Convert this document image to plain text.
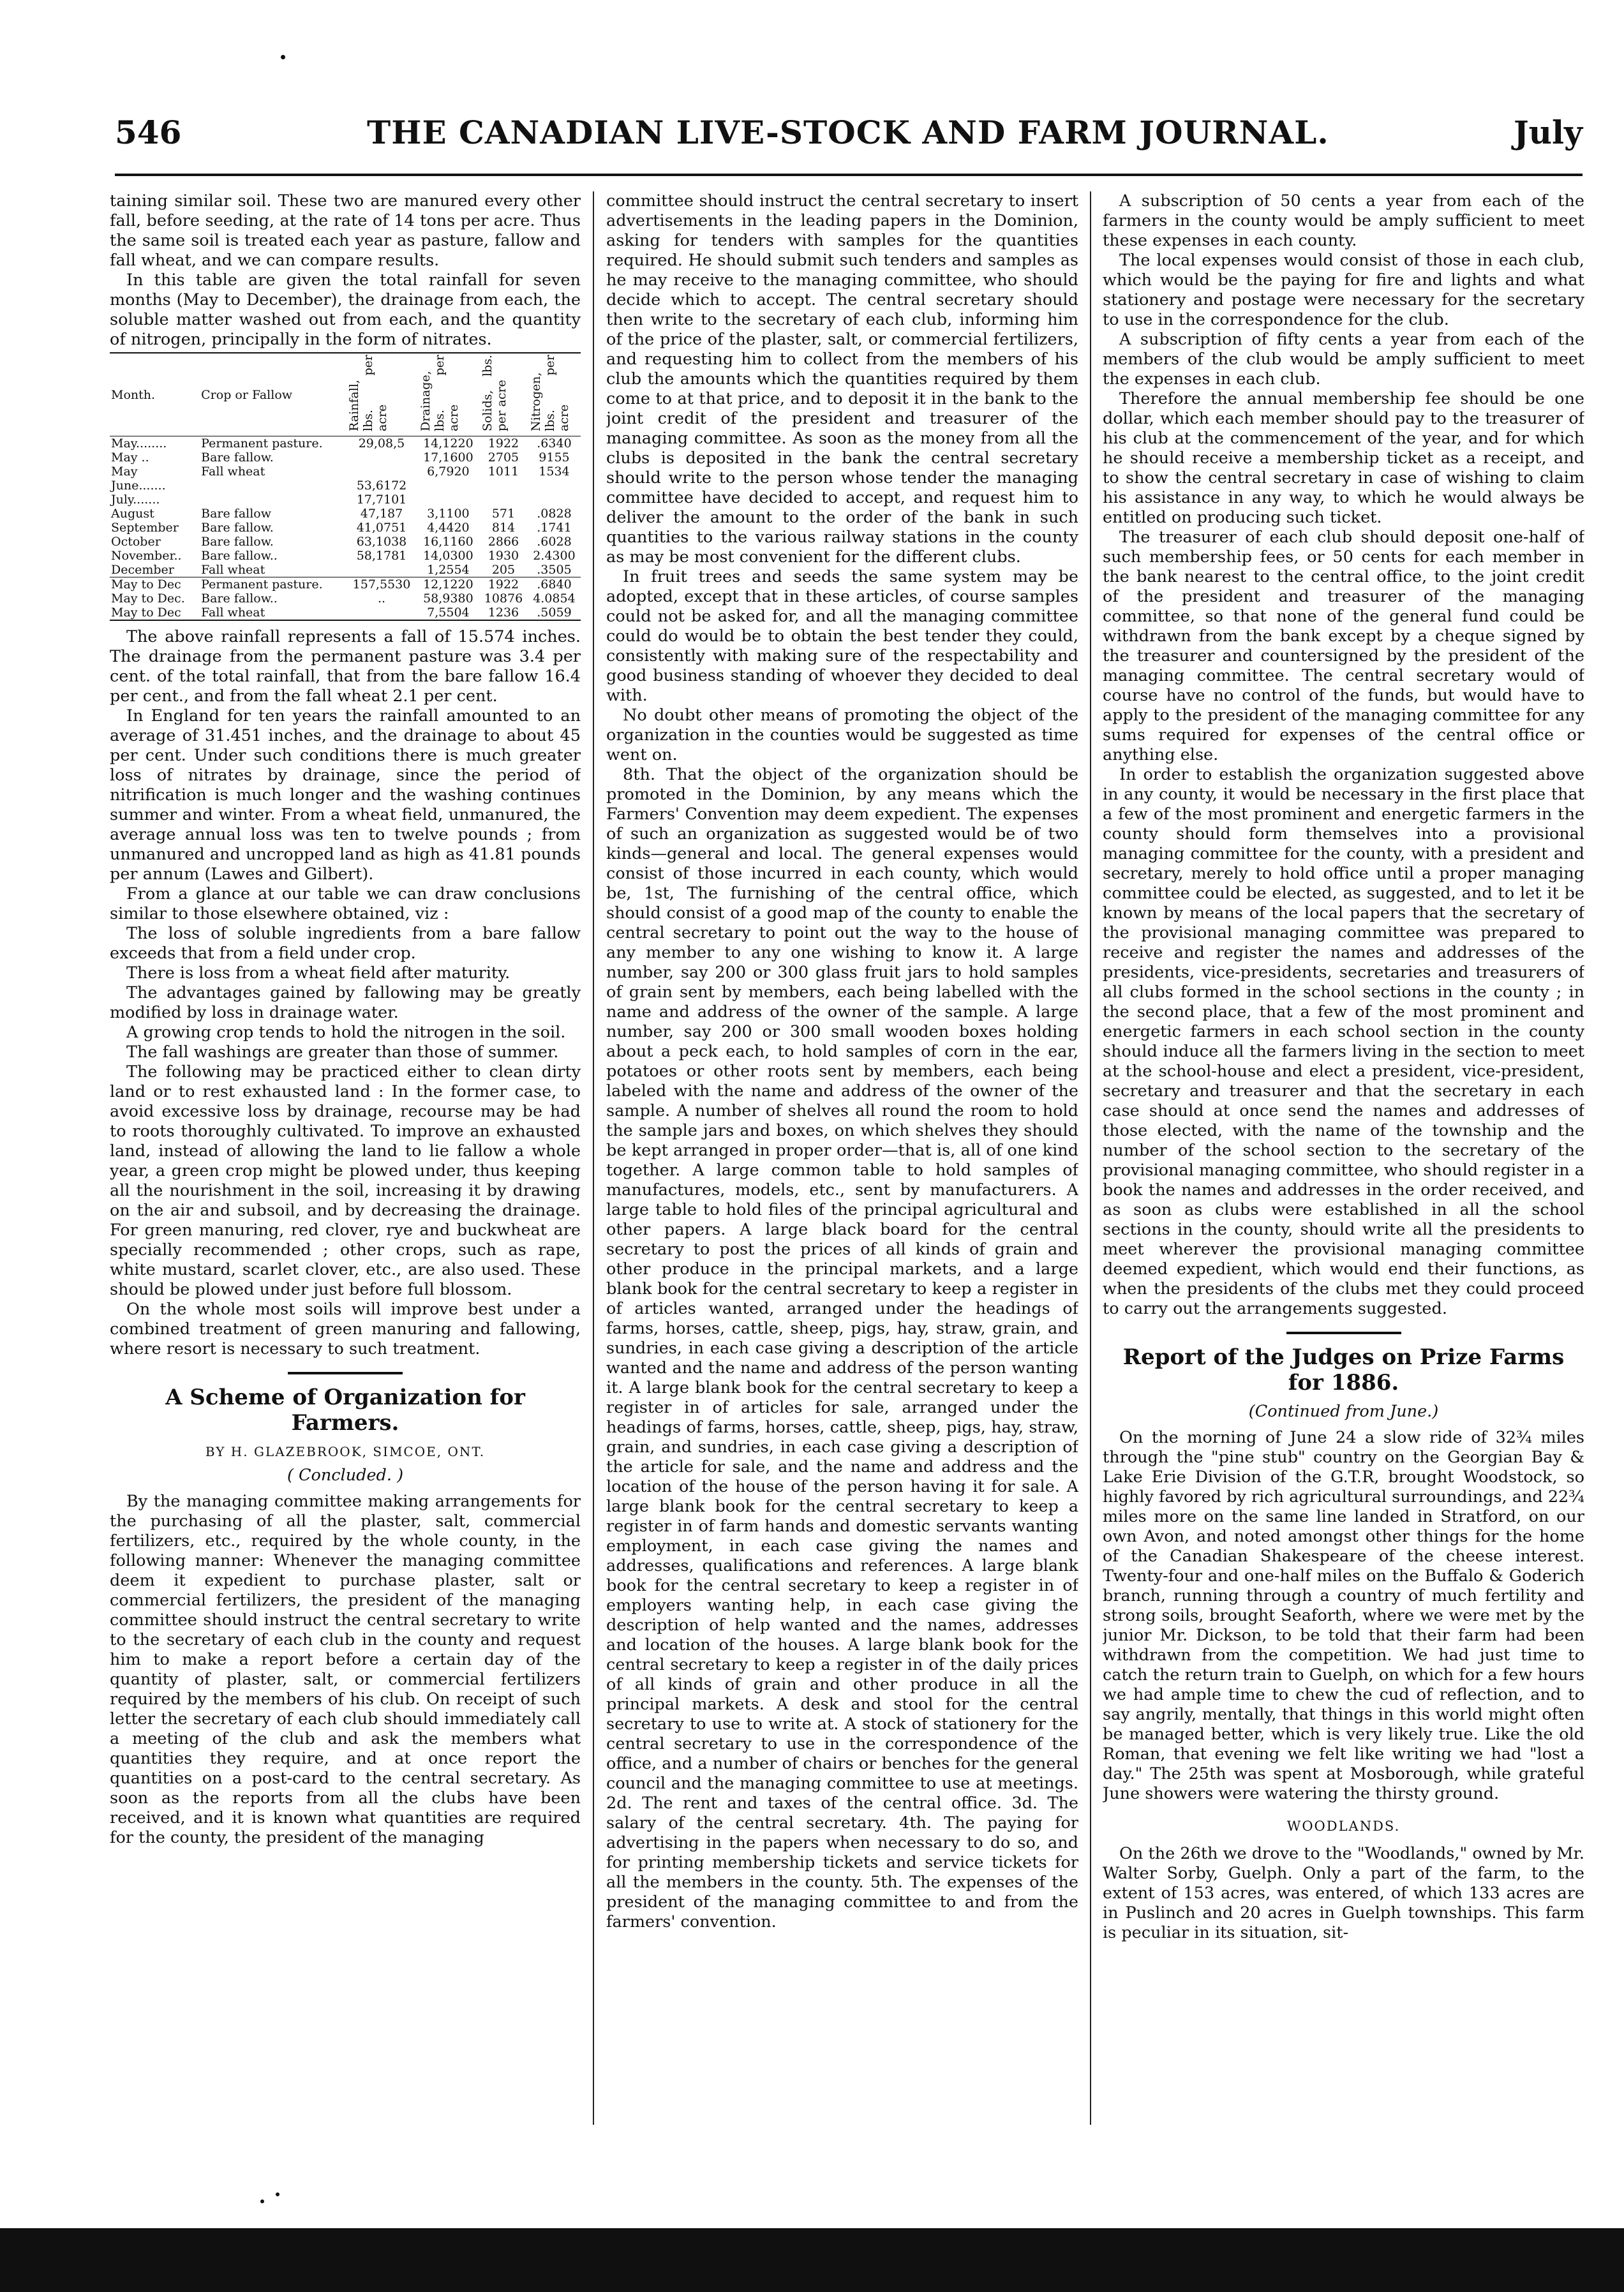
546	THE CANADIAN LIVE-STOCK AND FARM JOURNAL.	July

taining similar soil. These two are manured every other fall, before seeding, at the rate of 14 tons per acre. Thus the same soil is treated each year as pasture, fallow and fall wheat, and we can compare results.

In this table are given the total rainfall for seven months (May to December), the drainage from each, the soluble matter washed out from each, and the quantity of nitrogen, principally in the form of nitrates.

Month.	Crop or Fallow	Rainfall, lbs. per acre	Drainage, lbs. per acre	Solids, lbs. per acre	Nitrogen, lbs. per acre
May........	Permanent pasture.	29,08,5	14,1220	1922	.6340
May ..	Bare fallow.		17,1600	2705	9155
May	Fall wheat		6,7920	1011	1534
June.......		53,6172			
July.......		17,7101			
August	Bare fallow	47,187	3,1100	571	.0828
September	Bare fallow.	41,0751	4,4420	814	.1741
October	Bare fallow.	63,1038	16,1160	2866	.6028
November..	Bare fallow..	58,1781	14,0300	1930	2.4300
December	Fall wheat		1,2554	205	.3505
May to Dec	Permanent pasture.	157,5530	12,1220	1922	.6840
May to Dec.	Bare fallow..	..	58,9380	10876	4.0854
May to Dec	Fall wheat		7,5504	1236	.5059

The above rainfall represents a fall of 15.574 inches. The drainage from the permanent pasture was 3.4 per cent. of the total rainfall, that from the bare fallow 16.4 per cent., and from the fall wheat 2.1 per cent.

In England for ten years the rainfall amounted to an average of 31.451 inches, and the drainage to about 45 per cent. Under such conditions there is much greater loss of nitrates by drainage, since the period of nitrification is much longer and the washing continues summer and winter. From a wheat field, unmanured, the average annual loss was ten to twelve pounds ; from unmanured and uncropped land as high as 41.81 pounds per annum (Lawes and Gilbert).

From a glance at our table we can draw conclusions similar to those elsewhere obtained, viz :

The loss of soluble ingredients from a bare fallow exceeds that from a field under crop.

There is loss from a wheat field after maturity.

The advantages gained by fallowing may be greatly modified by loss in drainage water.

A growing crop tends to hold the nitrogen in the soil.

The fall washings are greater than those of summer.

The following may be practiced either to clean dirty land or to rest exhausted land : In the former case, to avoid excessive loss by drainage, recourse may be had to roots thoroughly cultivated. To improve an exhausted land, instead of allowing the land to lie fallow a whole year, a green crop might be plowed under, thus keeping all the nourishment in the soil, increasing it by drawing on the air and subsoil, and by decreasing the drainage. For green manuring, red clover, rye and buckwheat are specially recommended ; other crops, such as rape, white mustard, scarlet clover, etc., are also used. These should be plowed under just before full blossom.

On the whole most soils will improve best under a combined treatment of green manuring and fallowing, where resort is necessary to such treatment.

A Scheme of Organization for Farmers.

BY H. GLAZEBROOK, SIMCOE, ONT.

( Concluded. )

By the managing committee making arrangements for the purchasing of all the plaster, salt, commercial fertilizers, etc., required by the whole county, in the following manner: Whenever the managing committee deem it expedient to purchase plaster, salt or commercial fertilizers, the president of the managing committee should instruct the central secretary to write to the secretary of each club in the county and request him to make a report before a certain day of the quantity of plaster, salt, or commercial fertilizers required by the members of his club. On receipt of such letter the secretary of each club should immediately call a meeting of the club and ask the members what quantities they require, and at once report the quantities on a post-card to the central secretary. As soon as the reports from all the clubs have been received, and it is known what quantities are required for the county, the president of the managing

committee should instruct the central secretary to insert advertisements in the leading papers in the Dominion, asking for tenders with samples for the quantities required. He should submit such tenders and samples as he may receive to the managing committee, who should decide which to accept. The central secretary should then write to the secretary of each club, informing him of the price of the plaster, salt, or commercial fertilizers, and requesting him to collect from the members of his club the amounts which the quantities required by them come to at that price, and to deposit it in the bank to the joint credit of the president and treasurer of the managing committee. As soon as the money from all the clubs is deposited in the bank the central secretary should write to the person whose tender the managing committee have decided to accept, and request him to deliver the amount to the order of the bank in such quantities to the various railway stations in the county as may be most convenient for the different clubs.

In fruit trees and seeds the same system may be adopted, except that in these articles, of course samples could not be asked for, and all the managing committee could do would be to obtain the best tender they could, consistently with making sure of the respectability and good business standing of whoever they decided to deal with.

No doubt other means of promoting the object of the organization in the counties would be suggested as time went on.

8th. That the object of the organization should be promoted in the Dominion, by any means which the Farmers' Convention may deem expedient. The expenses of such an organization as suggested would be of two kinds—general and local. The general expenses would consist of those incurred in each county, which would be, 1st, The furnishing of the central office, which should consist of a good map of the county to enable the central secretary to point out the way to the house of any member to any one wishing to know it. A large number, say 200 or 300 glass fruit jars to hold samples of grain sent by members, each being labelled with the name and address of the owner of the sample. A large number, say 200 or 300 small wooden boxes holding about a peck each, to hold samples of corn in the ear, potatoes or other roots sent by members, each being labeled with the name and address of the owner of the sample. A number of shelves all round the room to hold the sample jars and boxes, on which shelves they should be kept arranged in proper order—that is, all of one kind together. A large common table to hold samples of manufactures, models, etc., sent by manufacturers. A large table to hold files of the principal agricultural and other papers. A large black board for the central secretary to post the prices of all kinds of grain and other produce in the principal markets, and a large blank book for the central secretary to keep a register in of articles wanted, arranged under the headings of farms, horses, cattle, sheep, pigs, hay, straw, grain, and sundries, in each case giving a description of the article wanted and the name and address of the person wanting it. A large blank book for the central secretary to keep a register in of articles for sale, arranged under the headings of farms, horses, cattle, sheep, pigs, hay, straw, grain, and sundries, in each case giving a description of the article for sale, and the name and address and the location of the house of the person having it for sale. A large blank book for the central secretary to keep a register in of farm hands and domestic servants wanting employment, in each case giving the names and addresses, qualifications and references. A large blank book for the central secretary to keep a register in of employers wanting help, in each case giving the description of help wanted and the names, addresses and location of the houses. A large blank book for the central secretary to keep a register in of the daily prices of all kinds of grain and other produce in all the principal markets. A desk and stool for the central secretary to use to write at. A stock of stationery for the central secretary to use in the correspondence of the office, and a number of chairs or benches for the general council and the managing committee to use at meetings. 2d. The rent and taxes of the central office. 3d. The salary of the central secretary. 4th. The paying for advertising in the papers when necessary to do so, and for printing membership tickets and service tickets for all the members in the county. 5th. The expenses of the president of the managing committee to and from the farmers' convention.

A subscription of 50 cents a year from each of the farmers in the county would be amply sufficient to meet these expenses in each county.

The local expenses would consist of those in each club, which would be the paying for fire and lights and what stationery and postage were necessary for the secretary to use in the correspondence for the club.

A subscription of fifty cents a year from each of the members of the club would be amply sufficient to meet the expenses in each club.

Therefore the annual membership fee should be one dollar, which each member should pay to the treasurer of his club at the commencement of the year, and for which he should receive a membership ticket as a receipt, and to show the central secretary in case of wishing to claim his assistance in any way, to which he would always be entitled on producing such ticket.

The treasurer of each club should deposit one-half of such membership fees, or 50 cents for each member in the bank nearest to the central office, to the joint credit of the president and treasurer of the managing committee, so that none of the general fund could be withdrawn from the bank except by a cheque signed by the treasurer and countersigned by the president of the managing committee. The central secretary would of course have no control of the funds, but would have to apply to the president of the managing committee for any sums required for expenses of the central office or anything else.

In order to establish the organization suggested above in any county, it would be necessary in the first place that a few of the most prominent and energetic farmers in the county should form themselves into a provisional managing committee for the county, with a president and secretary, merely to hold office until a proper managing committee could be elected, as suggested, and to let it be known by means of the local papers that the secretary of the provisional managing committee was prepared to receive and register the names and addresses of the presidents, vice-presidents, secretaries and treasurers of all clubs formed in the school sections in the county ; in the second place, that a few of the most prominent and energetic farmers in each school section in the county should induce all the farmers living in the section to meet at the school-house and elect a president, vice-president, secretary and treasurer and that the secretary in each case should at once send the names and addresses of those elected, with the name of the township and the number of the school section to the secretary of the provisional managing committee, who should register in a book the names and addresses in the order received, and as soon as clubs were established in all the school sections in the county, should write all the presidents to meet wherever the provisional managing committee deemed expedient, which would end their functions, as when the presidents of the clubs met they could proceed to carry out the arrangements suggested.

Report of the Judges on Prize Farms for 1886.

(Continued from June.)

On the morning of June 24 a slow ride of 32¾ miles through the "pine stub" country on the Georgian Bay & Lake Erie Division of the G.T.R, brought Woodstock, so highly favored by rich agricultural surroundings, and 22¾ miles more on the same line landed in Stratford, on our own Avon, and noted amongst other things for the home of the Canadian Shakespeare of the cheese interest. Twenty-four and one-half miles on the Buffalo & Goderich branch, running through a country of much fertility and strong soils, brought Seaforth, where we were met by the junior Mr. Dickson, to be told that their farm had been withdrawn from the competition. We had just time to catch the return train to Guelph, on which for a few hours we had ample time to chew the cud of reflection, and to say angrily, mentally, that things in this world might often be managed better, which is very likely true. Like the old Roman, that evening we felt like writing we had "lost a day." The 25th was spent at Mosborough, while grateful June showers were watering the thirsty ground.

WOODLANDS.

On the 26th we drove to the "Woodlands," owned by Mr. Walter Sorby, Guelph. Only a part of the farm, to the extent of 153 acres, was entered, of which 133 acres are in Puslinch and 20 acres in Guelph townships. This farm is peculiar in its situation, sit-
